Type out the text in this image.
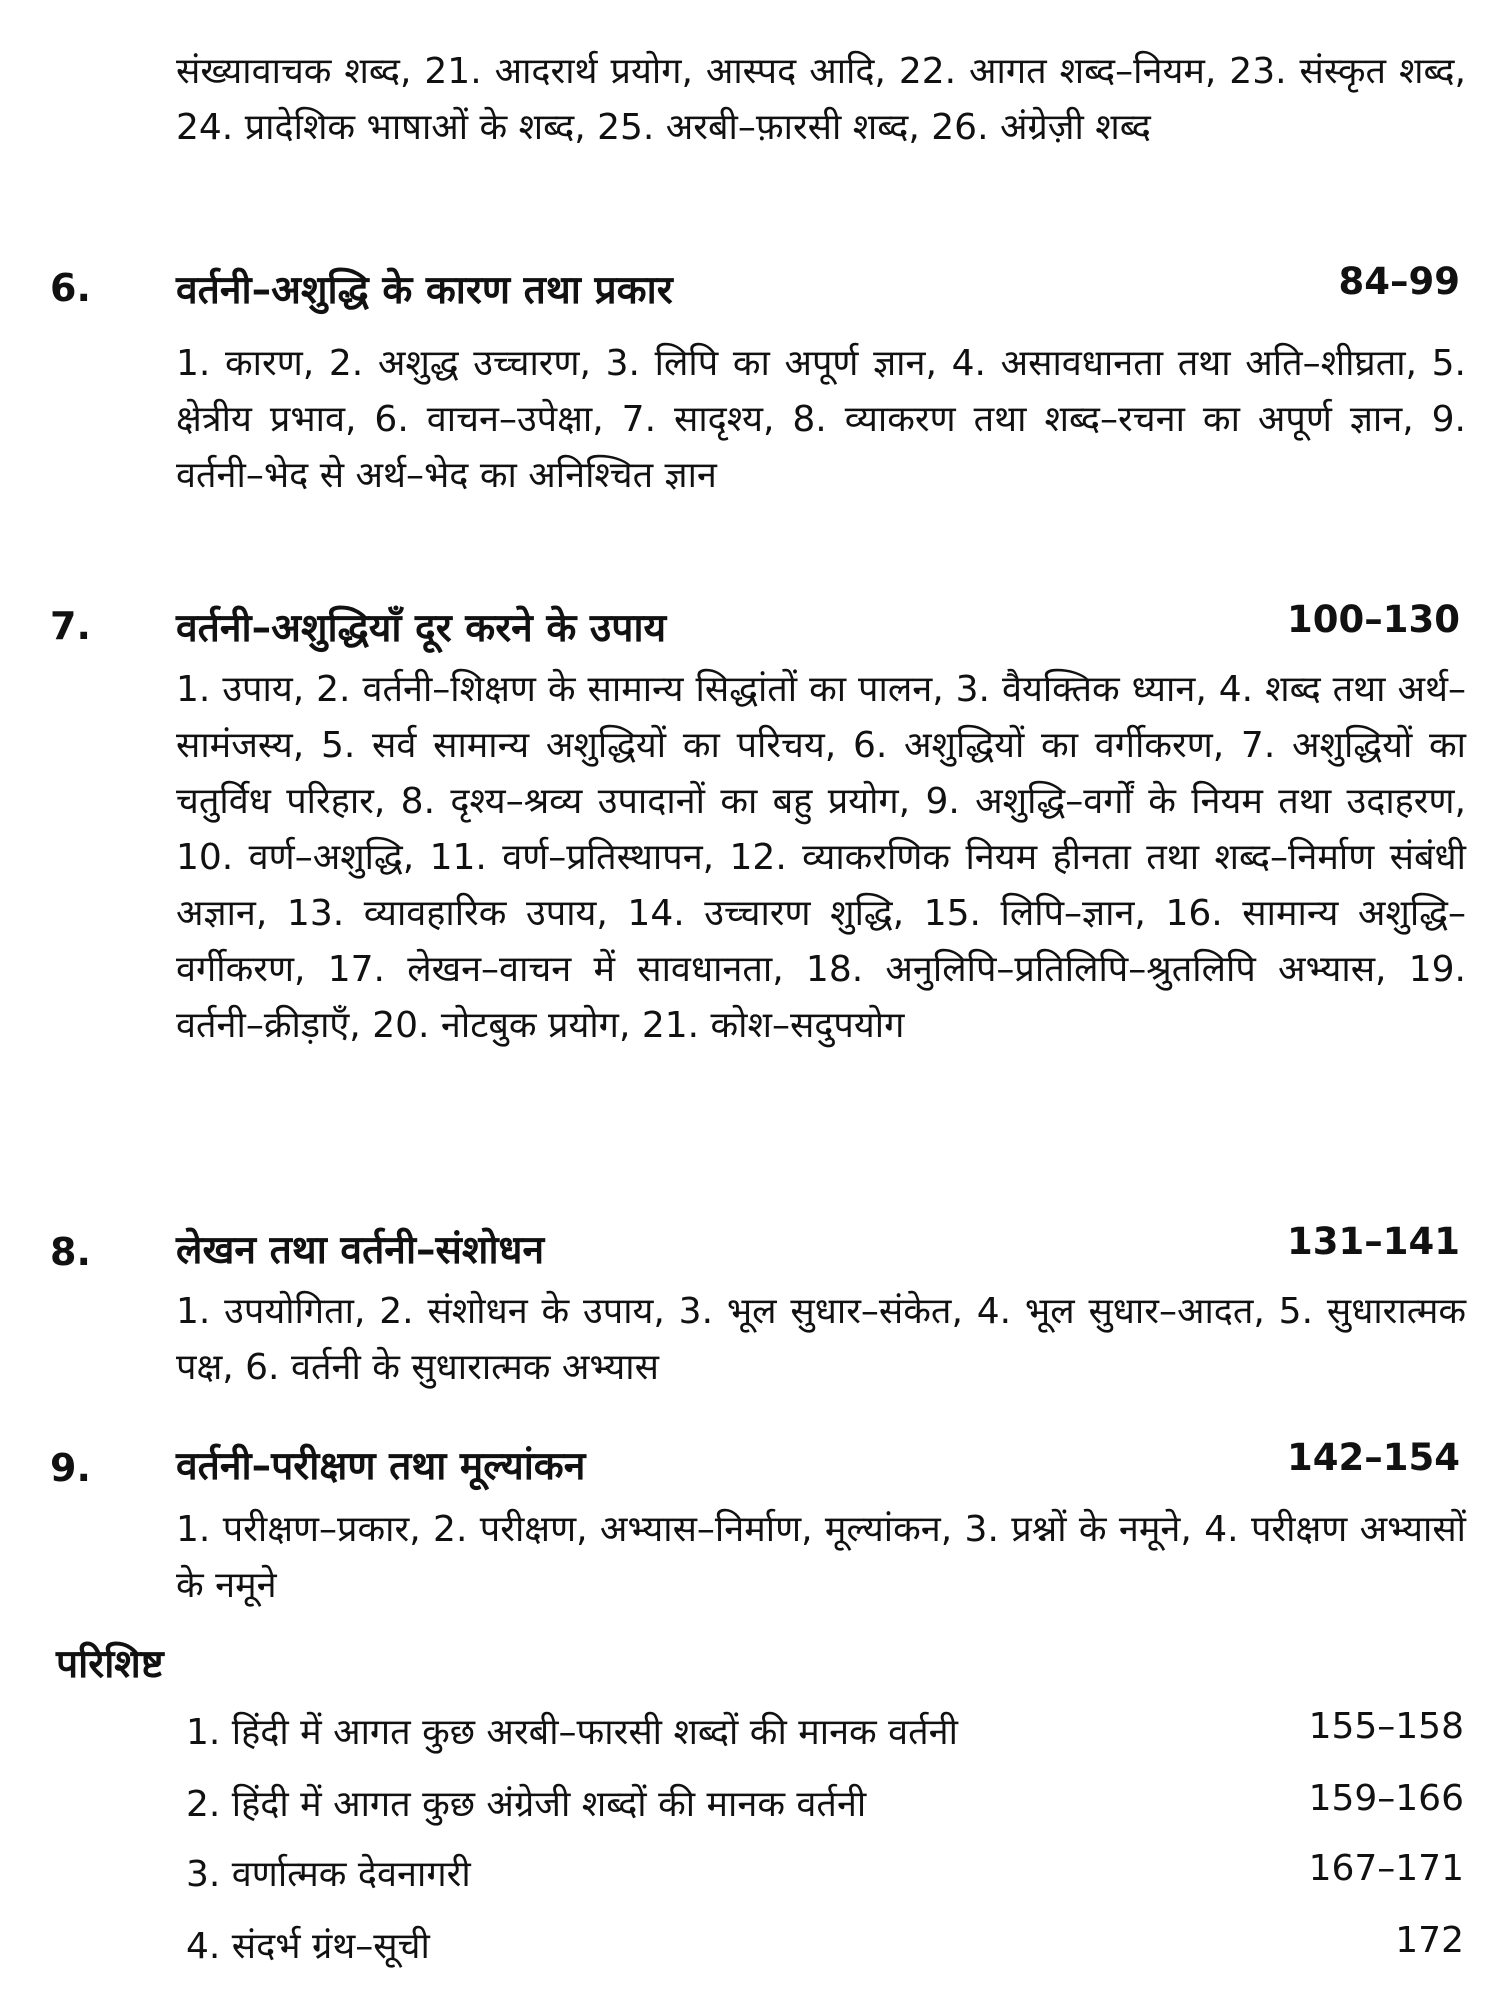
संख्यावाचक शब्द, 21. आदरार्थ प्रयोग, आस्पद आदि, 22. आगत शब्द–नियम, 23. संस्कृत शब्द, 24. प्रादेशिक भाषाओं के शब्द, 25. अरबी–फ़ारसी शब्द, 26. अंग्रेज़ी शब्द

6. वर्तनी–अशुद्धि के कारण तथा प्रकार	84–99

1. कारण, 2. अशुद्ध उच्चारण, 3. लिपि का अपूर्ण ज्ञान, 4. असावधानता तथा अति–शीघ्रता, 5. क्षेत्रीय प्रभाव, 6. वाचन–उपेक्षा, 7. सादृश्य, 8. व्याकरण तथा शब्द–रचना का अपूर्ण ज्ञान, 9. वर्तनी–भेद से अर्थ–भेद का अनिश्चित ज्ञान

7. वर्तनी–अशुद्धियाँ दूर करने के उपाय	100–130

1. उपाय, 2. वर्तनी–शिक्षण के सामान्य सिद्धांतों का पालन, 3. वैयक्तिक ध्यान, 4. शब्द तथा अर्थ–सामंजस्य, 5. सर्व सामान्य अशुद्धियों का परिचय, 6. अशुद्धियों का वर्गीकरण, 7. अशुद्धियों का चतुर्विध परिहार, 8. दृश्य–श्रव्य उपादानों का बहु प्रयोग, 9. अशुद्धि–वर्गों के नियम तथा उदाहरण, 10. वर्ण–अशुद्धि, 11. वर्ण–प्रतिस्थापन, 12. व्याकरणिक नियम हीनता तथा शब्द–निर्माण संबंधी अज्ञान, 13. व्यावहारिक उपाय, 14. उच्चारण शुद्धि, 15. लिपि–ज्ञान, 16. सामान्य अशुद्धि–वर्गीकरण, 17. लेखन–वाचन में सावधानता, 18. अनुलिपि–प्रतिलिपि–श्रुतलिपि अभ्यास, 19. वर्तनी–क्रीड़ाएँ, 20. नोटबुक प्रयोग, 21. कोश–सदुपयोग

8. लेखन तथा वर्तनी–संशोधन	131–141

1. उपयोगिता, 2. संशोधन के उपाय, 3. भूल सुधार–संकेत, 4. भूल सुधार–आदत, 5. सुधारात्मक पक्ष, 6. वर्तनी के सुधारात्मक अभ्यास

9. वर्तनी–परीक्षण तथा मूल्यांकन	142–154

1. परीक्षण–प्रकार, 2. परीक्षण, अभ्यास–निर्माण, मूल्यांकन, 3. प्रश्नों के नमूने, 4. परीक्षण अभ्यासों के नमूने

परिशिष्ट
1. हिंदी में आगत कुछ अरबी–फारसी शब्दों की मानक वर्तनी	155–158
2. हिंदी में आगत कुछ अंग्रेजी शब्दों की मानक वर्तनी	159–166
3. वर्णात्मक देवनागरी	167–171
4. संदर्भ ग्रंथ–सूची	172
